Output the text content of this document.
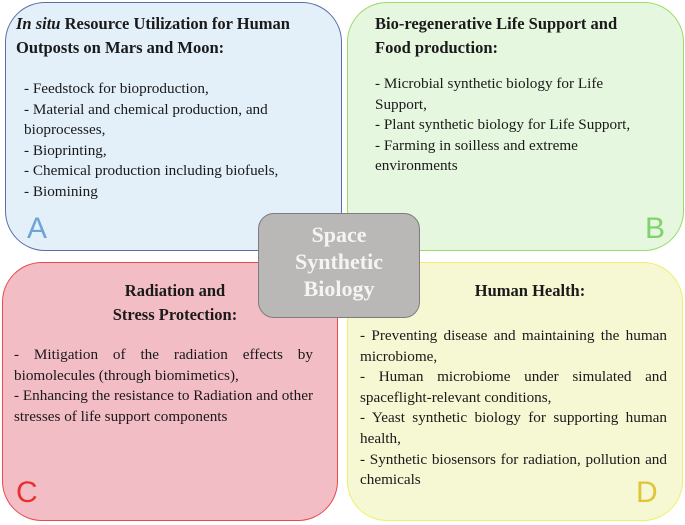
In situ Resource Utilization for Human
Outposts on Mars and Moon:
- Feedstock for bioproduction,
- Material and chemical production, and
bioprocesses,
- Bioprinting,
- Chemical production including biofuels,
- Biomining
A
Bio-regenerative Life Support and
Food production:
- Microbial synthetic biology for Life
Support,
- Plant synthetic biology for Life Support,
- Farming in soilless and extreme
environments
B
Radiation and
Stress Protection:
- Mitigation of the radiation effects by biomolecules (through biomimetics),
- Enhancing the resistance to Radiation and other stresses of life support components
C
Human Health:
- Preventing disease and maintaining the human microbiome,
- Human microbiome under simulated and spaceflight-relevant conditions,
- Yeast synthetic biology for supporting human health,
- Synthetic biosensors for radiation, pollution and chemicals	D
Space
Synthetic
Biology
